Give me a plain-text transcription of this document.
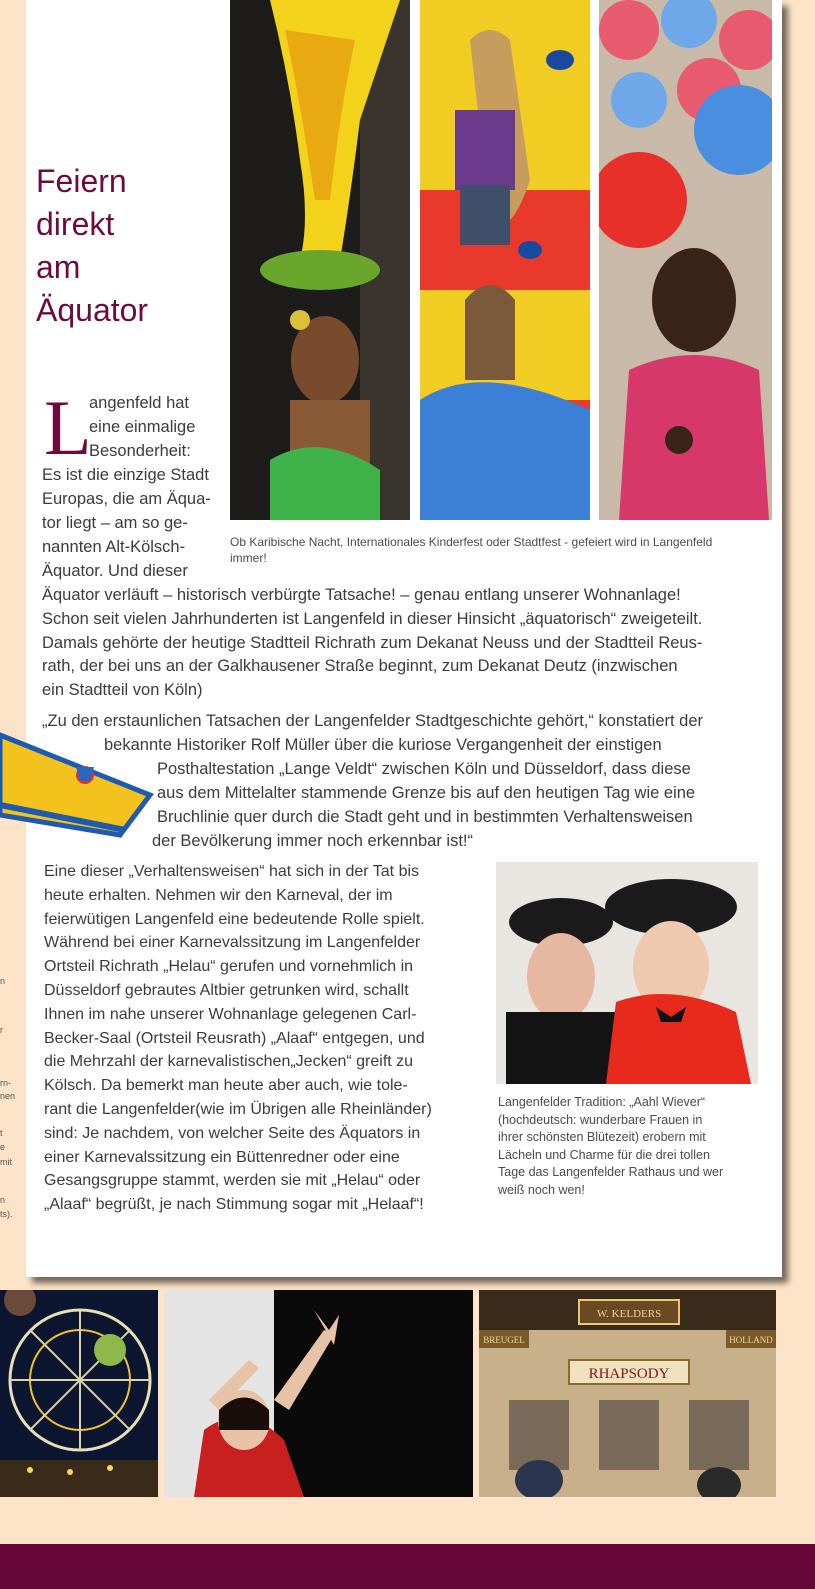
n
r
rn-
nen
t
e
mit
n
ts).
Feiern
direkt
am
Äquator
Ob Karibische Nacht, Internationales Kinderfest oder Stadtfest - gefeiert wird in Langenfeld immer!
L
angenfeld hat
eine einmalige
Besonderheit:
Es ist die einzige Stadt
Europas, die am Äqua-
tor liegt – am so ge-
nannten Alt-Kölsch-
Äquator. Und dieser
Äquator verläuft – historisch verbürgte Tatsache! – genau entlang unserer Wohnanlage!
Schon seit vielen Jahrhunderten ist Langenfeld in dieser Hinsicht „äquatorisch“ zweigeteilt.
Damals gehörte der heutige Stadtteil Richrath zum Dekanat Neuss und der Stadtteil Reus-
rath, der bei uns an der Galkhausener Straße beginnt, zum Dekanat Deutz (inzwischen
ein Stadtteil von Köln)
„Zu den erstaunlichen Tatsachen der Langenfelder Stadtgeschichte gehört,“ konstatiert der
bekannte Historiker Rolf Müller über die kuriose Vergangenheit der einstigen
Posthaltestation „Lange Veldt“ zwischen Köln und Düsseldorf, dass diese
aus dem Mittelalter stammende Grenze bis auf den heutigen Tag wie eine
Bruchlinie quer durch die Stadt geht und in bestimmten Verhaltensweisen
der Bevölkerung immer noch erkennbar ist!“
Eine dieser „Verhaltensweisen“ hat sich in der Tat bis
heute erhalten. Nehmen wir den Karneval, der im
feierwütigen Langenfeld eine bedeutende Rolle spielt.
Während bei einer Karnevalssitzung im Langenfelder
Ortsteil Richrath „Helau“ gerufen und vornehmlich in
Düsseldorf gebrautes Altbier getrunken wird, schallt
Ihnen im nahe unserer Wohnanlage gelegenen Carl-
Becker-Saal (Ortsteil Reusrath) „Alaaf“ entgegen, und
die Mehrzahl der karnevalistischen„Jecken“ greift zu
Kölsch. Da bemerkt man heute aber auch, wie tole-
rant die Langenfelder(wie im Übrigen alle Rheinländer)
sind: Je nachdem, von welcher Seite des Äquators in
einer Karnevalssitzung ein Büttenredner oder eine
Gesangsgruppe stammt, werden sie mit „Helau“ oder
„Alaaf“ begrüßt, je nach Stimmung sogar mit „Helaaf“!
Langenfelder Tradition: „Aahl Wiever“
(hochdeutsch: wunderbare Frauen in
ihrer schönsten Blütezeit) erobern mit
Lächeln und Charme für die drei tollen
Tage das Langenfelder Rathaus und wer
weiß noch wen!
W. KELDERS
BREUGEL	HOLLAND
RHAPSODY
